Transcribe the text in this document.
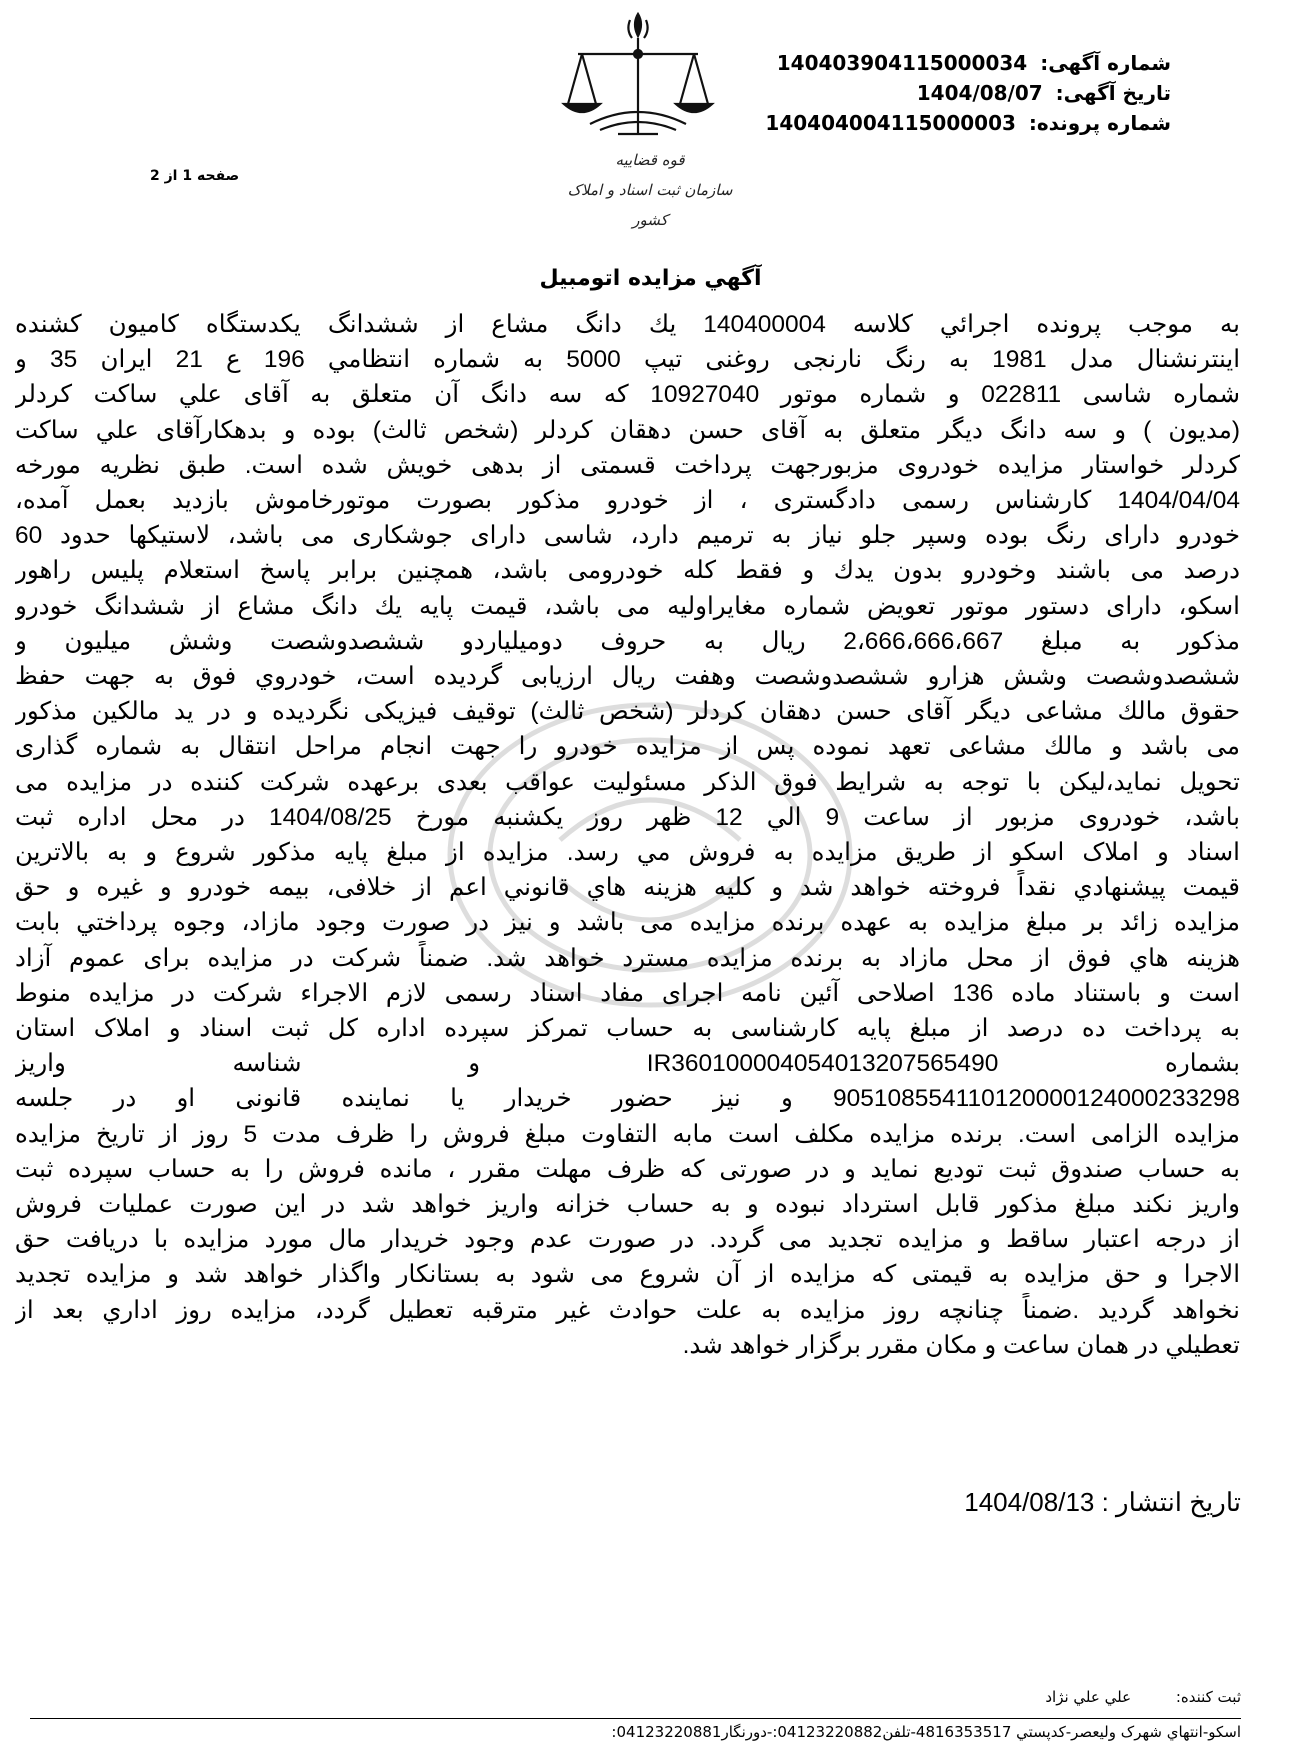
شماره آگهی: 14040390411500003‌4
تاریخ آگهی: 1404/08/07
شماره پرونده: 140404004115000003
صفحه 1 از 2
قوه قضاییه
سازمان ثبت اسناد و املاک کشور
آگهي مزايده اتومبيل
به موجب پرونده اجرائي كلاسه 140400004 يك دانگ مشاع از ششدانگ يكدستگاه كاميون كشنده
اينترنشنال مدل 1981 به رنگ نارنجی روغنی تيپ 5000 به شماره انتظامي 196 ع 21 ايران 35 و
شماره شاسی 022811 و شماره موتور 10927040 كه سه دانگ آن متعلق به آقای علي ساكت كردلر
(مديون ) و سه دانگ ديگر متعلق به آقای حسن دهقان كردلر (شخص ثالث) بوده و بدهكارآقای علي ساكت
كردلر خواستار مزايده خودروی مزبورجهت پرداخت قسمتی از بدهی خويش شده است. طبق نظريه مورخه
1404/04/04 كارشناس رسمی دادگستری ، از خودرو مذكور بصورت موتورخاموش بازديد بعمل آمده،
خودرو دارای رنگ بوده وسپر جلو نياز به ترميم دارد، شاسی دارای جوشكاری می باشد، لاستيكها حدود 60
درصد می باشند وخودرو بدون يدك و فقط كله خودرومی باشد، همچنين برابر پاسخ استعلام پليس راهور
اسكو، دارای دستور موتور تعويض شماره مغايراوليه می باشد، قيمت پايه يك دانگ مشاع از ششدانگ خودرو
مذكور به مبلغ 2،666،666،667 ريال به حروف دوميلياردو ششصدوشصت وشش ميليون و
ششصدوشصت وشش هزارو ششصدوشصت وهفت ريال ارزيابی گرديده است، خودروي فوق به جهت حفظ
حقوق مالك مشاعی ديگر آقای حسن دهقان كردلر (شخص ثالث) توقيف فيزيكی نگرديده و در يد مالكين مذكور
می باشد و مالك مشاعی تعهد نموده پس از مزايده خودرو را جهت انجام مراحل انتقال به شماره گذاری
تحويل نمايد،ليكن با توجه به شرايط فوق الذكر مسئوليت عواقب بعدی برعهده شركت كننده در مزايده می
باشد، خودروی مزبور از ساعت 9 الي 12 ظهر روز يكشنبه مورخ 1404/08/25 در محل اداره ثبت
اسناد و املاک اسكو از طريق مزايده به فروش مي رسد. مزايده از مبلغ پايه مذكور شروع و به بالاترين
قيمت پيشنهادي نقداً فروخته خواهد شد و كليه هزينه هاي قانوني اعم از خلافی، بيمه خودرو و غيره و حق
مزايده زائد بر مبلغ مزايده به عهده برنده مزايده می باشد و نيز در صورت وجود مازاد، وجوه پرداختي بابت
هزينه هاي فوق از محل مازاد به برنده مزايده مسترد خواهد شد. ضمناً شركت در مزايده برای عموم آزاد
است و باستناد ماده 136 اصلاحی آئين نامه اجرای مفاد اسناد رسمی لازم الاجراء شركت در مزايده منوط
به پرداخت ده درصد از مبلغ پايه كارشناسی به حساب تمركز سپرده اداره كل ثبت اسناد و املاک استان
بشماره IR360100004054013207565490 و شناسه واريز
905108554110120000124000233298 و نيز حضور خريدار يا نماينده قانونی او در جلسه
مزايده الزامی است. برنده مزايده مكلف است مابه التفاوت مبلغ فروش را ظرف مدت 5 روز از تاريخ مزايده
به حساب صندوق ثبت توديع نمايد و در صورتی كه ظرف مهلت مقرر ، مانده فروش را به حساب سپرده ثبت
واريز نكند مبلغ مذكور قابل استرداد نبوده و به حساب خزانه واريز خواهد شد در اين صورت عمليات فروش
از درجه اعتبار ساقط و مزايده تجديد می گردد. در صورت عدم وجود خريدار مال مورد مزايده با دريافت حق
الاجرا و حق مزايده به قيمتی كه مزايده از آن شروع می شود به بستانكار واگذار خواهد شد و مزايده تجديد
نخواهد گرديد .ضمناً چنانچه روز مزايده به علت حوادث غير مترقبه تعطيل گردد، مزايده روز اداري بعد از
تعطيلي در همان ساعت و مكان مقرر برگزار خواهد شد.
تاريخ انتشار : 1404/08/13
ثبت كننده: علي علي نژاد
اسكو-انتهاي شهرک وليعصر-كدپستي 4816353517-تلفن04123220882:-دورنگار04123220881:
